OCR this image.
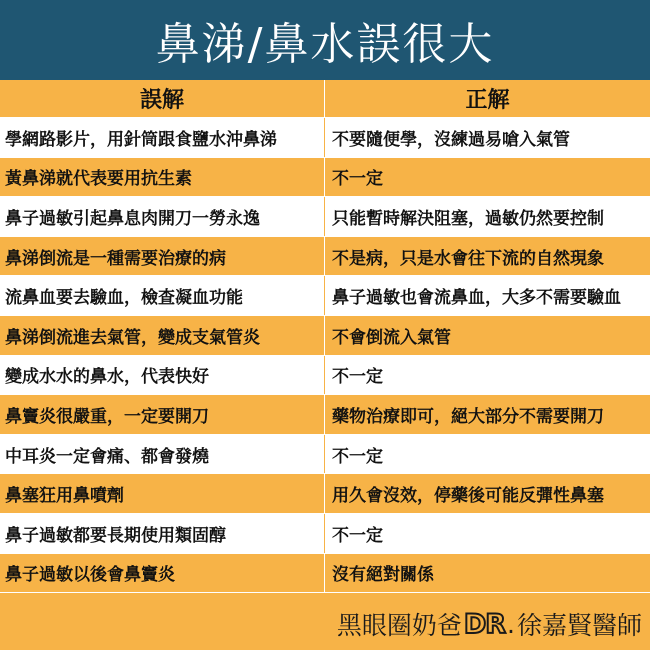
鼻涕/鼻水誤很大
誤解	正解
學網路影片，用針筒跟食鹽水沖鼻涕	不要隨便學，沒練過易嗆入氣管
黃鼻涕就代表要用抗生素	不一定
鼻子過敏引起鼻息肉開刀一勞永逸	只能暫時解決阻塞，過敏仍然要控制
鼻涕倒流是一種需要治療的病	不是病，只是水會往下流的自然現象
流鼻血要去驗血，檢查凝血功能	鼻子過敏也會流鼻血，大多不需要驗血
鼻涕倒流進去氣管，變成支氣管炎	不會倒流入氣管
變成水水的鼻水，代表快好	不一定
鼻竇炎很嚴重，一定要開刀	藥物治療即可，絕大部分不需要開刀
中耳炎一定會痛、都會發燒	不一定
鼻塞狂用鼻噴劑	用久會沒效，停藥後可能反彈性鼻塞
鼻子過敏都要長期使用類固醇	不一定
鼻子過敏以後會鼻竇炎	沒有絕對關係
黑眼圈奶爸 DR . 徐嘉賢醫師
